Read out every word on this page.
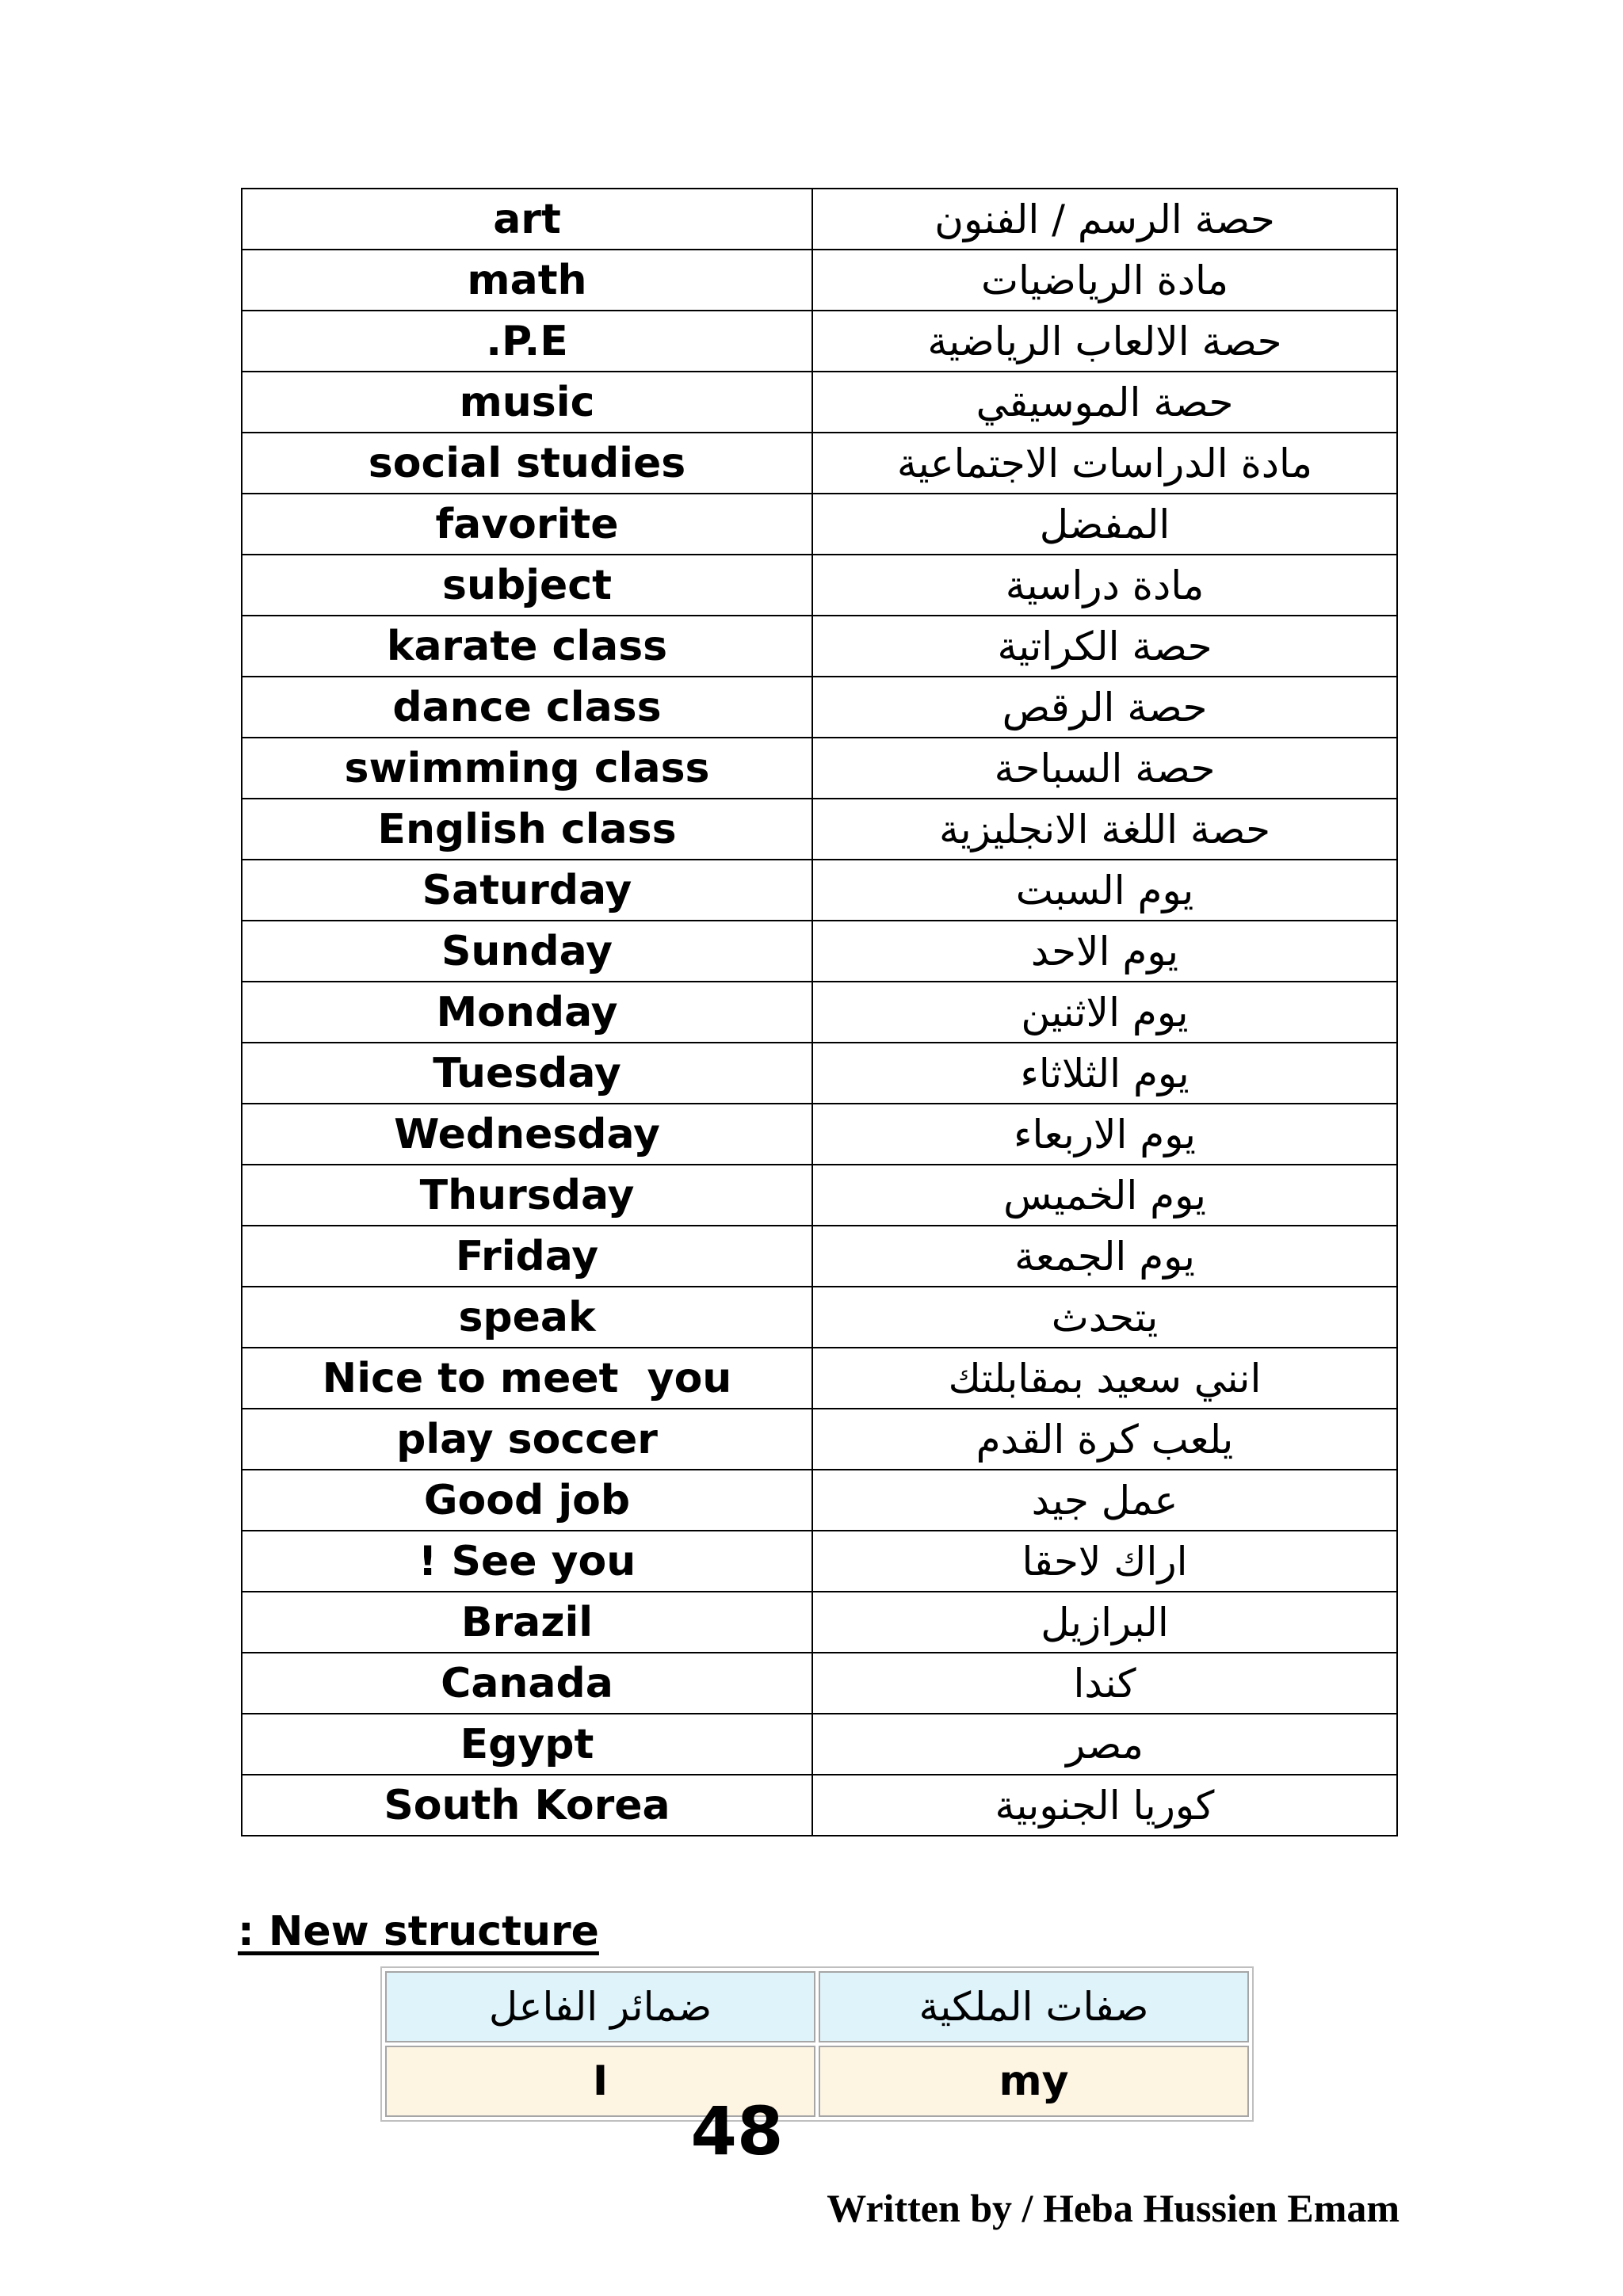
art	حصة الرسم / الفنون
math	مادة الرياضيات
.P.E	حصة الالعاب الرياضية
music	حصة الموسيقي
social studies	مادة الدراسات الاجتماعية
favorite	المفضل
subject	مادة دراسية
karate class	حصة الكراتية
dance class	حصة الرقص
swimming class	حصة السباحة
English class	حصة اللغة الانجليزية
Saturday	يوم السبت
Sunday	يوم الاحد
Monday	يوم الاثنين
Tuesday	يوم الثلاثاء
Wednesday	يوم الاربعاء
Thursday	يوم الخميس
Friday	يوم الجمعة
speak	يتحدث
Nice to meet  you	انني سعيد بمقابلتك
play soccer	يلعب كرة القدم
Good job	عمل جيد
! See you	اراك لاحقا
Brazil	البرازيل
Canada	كندا
Egypt	مصر
South Korea	كوريا الجنوبية
: New structure
ضمائر الفاعل	صفات الملكية
I	my
48
Written by / Heba Hussien Emam
